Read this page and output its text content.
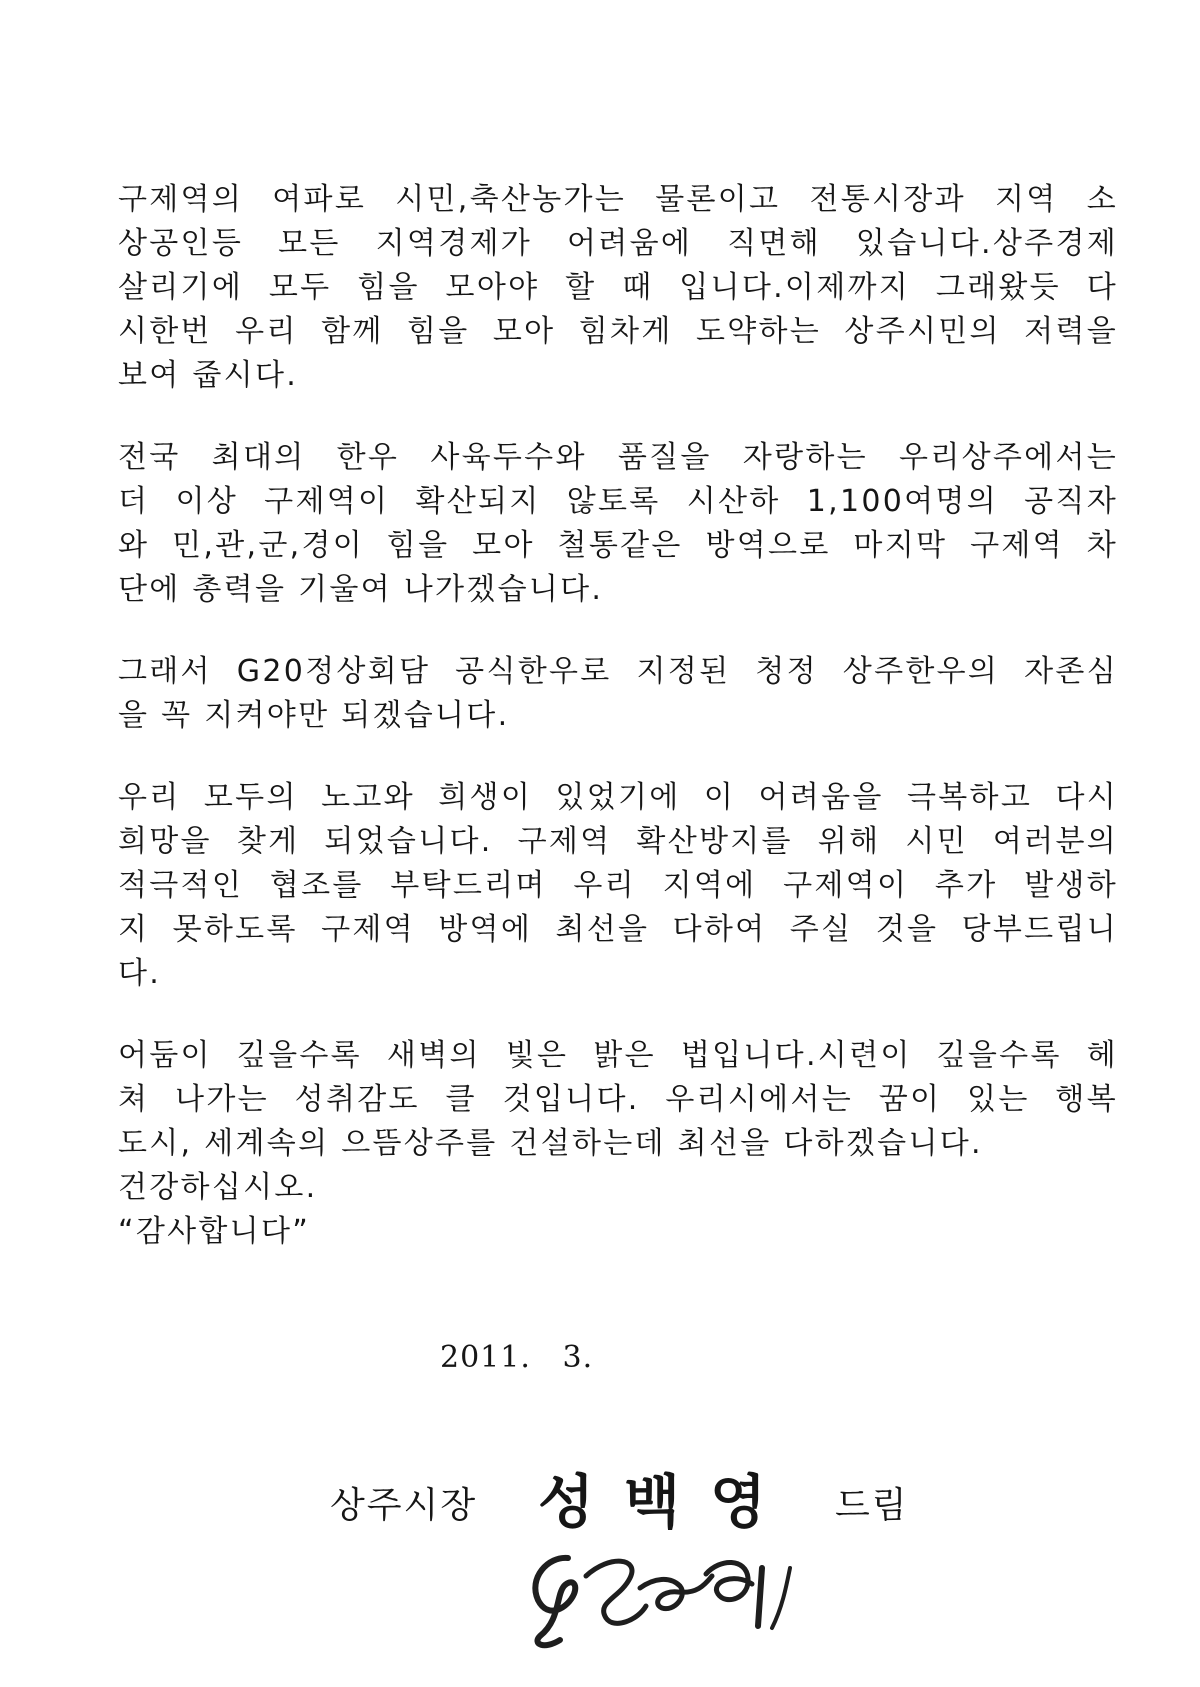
구제역의 여파로 시민,축산농가는 물론이고 전통시장과 지역 소
상공인등 모든 지역경제가 어려움에 직면해 있습니다.상주경제
살리기에 모두 힘을 모아야 할 때 입니다.이제까지 그래왔듯 다
시한번 우리 함께 힘을 모아 힘차게 도약하는 상주시민의 저력을
보여 줍시다.
전국 최대의 한우 사육두수와 품질을 자랑하는 우리상주에서는
더 이상 구제역이 확산되지 않토록 시산하 1,100여명의 공직자
와 민,관,군,경이 힘을 모아 철통같은 방역으로 마지막 구제역 차
단에 총력을 기울여 나가겠습니다.
그래서 G20정상회담 공식한우로 지정된 청정 상주한우의 자존심
을 꼭 지켜야만 되겠습니다.
우리 모두의 노고와 희생이 있었기에 이 어려움을 극복하고 다시
희망을 찾게 되었습니다. 구제역 확산방지를 위해 시민 여러분의
적극적인 협조를 부탁드리며 우리 지역에 구제역이 추가 발생하
지 못하도록 구제역 방역에 최선을 다하여 주실 것을 당부드립니
다.
어둠이 깊을수록 새벽의 빛은 밝은 법입니다.시련이 깊을수록 헤
쳐 나가는 성취감도 클 것입니다. 우리시에서는 꿈이 있는 행복
도시, 세계속의 으뜸상주를 건설하는데 최선을 다하겠습니다.
건강하십시오.
“감사합니다”
2011.   3.
상주시장 성백영 드림
